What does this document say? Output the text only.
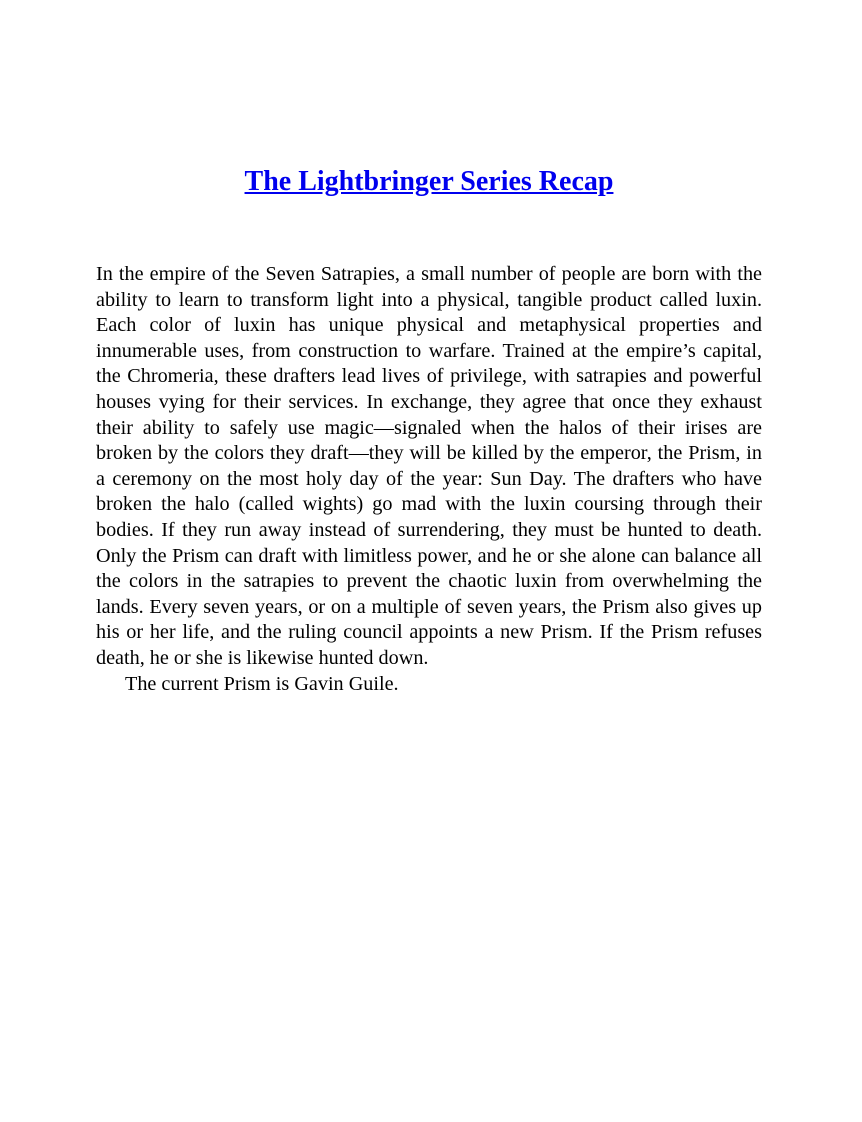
The Lightbringer Series Recap

In the empire of the Seven Satrapies, a small number of people are born with the ability to learn to transform light into a physical, tangible product called luxin. Each color of luxin has unique physical and metaphysical properties and innumerable uses, from construction to warfare. Trained at the empire’s capital, the Chromeria, these drafters lead lives of privilege, with satrapies and powerful houses vying for their services. In exchange, they agree that once they exhaust their ability to safely use magic—signaled when the halos of their irises are broken by the colors they draft—they will be killed by the emperor, the Prism, in a ceremony on the most holy day of the year: Sun Day. The drafters who have broken the halo (called wights) go mad with the luxin coursing through their bodies. If they run away instead of surrendering, they must be hunted to death. Only the Prism can draft with limitless power, and he or she alone can balance all the colors in the satrapies to prevent the chaotic luxin from overwhelming the lands. Every seven years, or on a multiple of seven years, the Prism also gives up his or her life, and the ruling council appoints a new Prism. If the Prism refuses death, he or she is likewise hunted down.

The current Prism is Gavin Guile.
